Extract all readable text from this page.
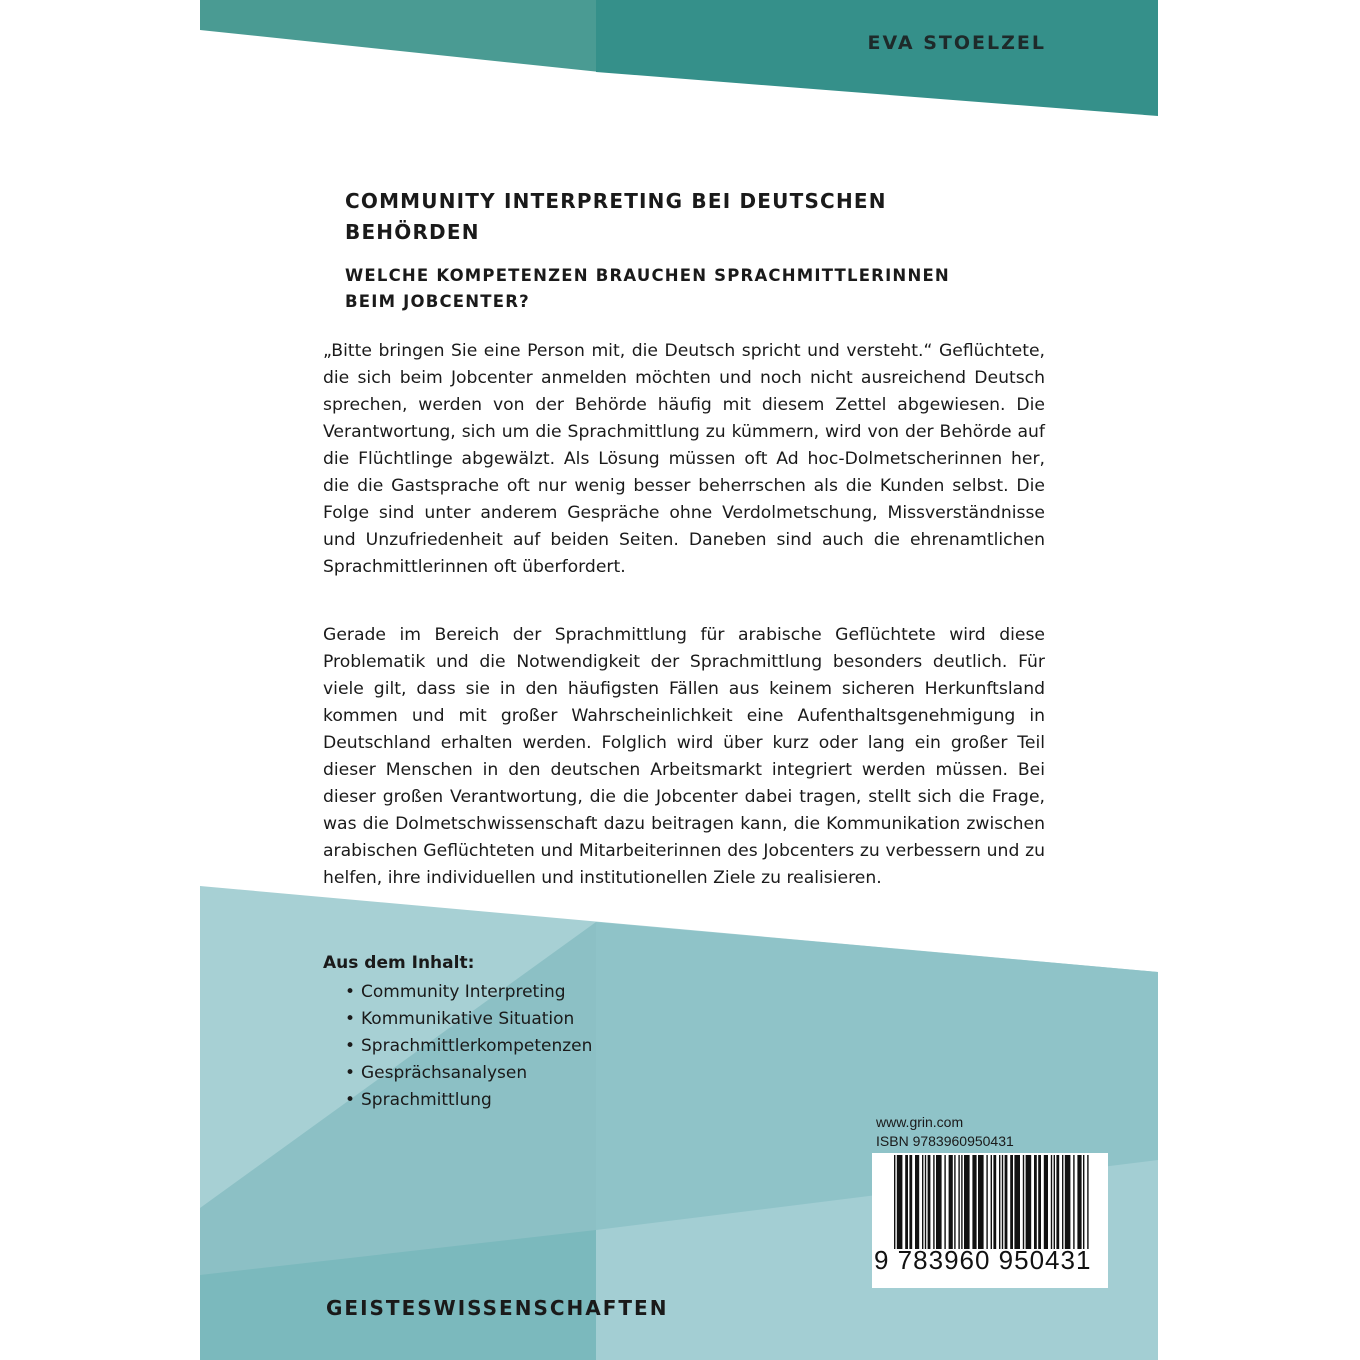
EVA STOELZEL
COMMUNITY INTERPRETING BEI DEUTSCHEN BEHÖRDEN
WELCHE KOMPETENZEN BRAUCHEN SPRACHMITTLERINNEN BEIM JOBCENTER?
„Bitte bringen Sie eine Person mit, die Deutsch spricht und versteht.“ Geflüchtete, die sich beim Jobcenter anmelden möchten und noch nicht ausreichend Deutsch sprechen, werden von der Behörde häufig mit diesem Zettel abgewiesen. Die Verantwortung, sich um die Sprachmittlung zu kümmern, wird von der Behörde auf die Flüchtlinge abgewälzt. Als Lösung müssen oft Ad hoc-Dolmetscherinnen her, die die Gastsprache oft nur wenig besser beherrschen als die Kunden selbst. Die Folge sind unter anderem Gespräche ohne Verdolmetschung, Missverständnisse und Unzufriedenheit auf beiden Seiten. Daneben sind auch die ehrenamtlichen Sprachmittlerinnen oft überfordert.
Gerade im Bereich der Sprachmittlung für arabische Geflüchtete wird diese Problematik und die Notwendigkeit der Sprachmittlung besonders deutlich. Für viele gilt, dass sie in den häufigsten Fällen aus keinem sicheren Herkunftsland kommen und mit großer Wahrscheinlichkeit eine Aufenthaltsgenehmigung in Deutschland erhalten werden. Folglich wird über kurz oder lang ein großer Teil dieser Menschen in den deutschen Arbeitsmarkt integriert werden müssen. Bei dieser großen Verantwortung, die die Jobcenter dabei tragen, stellt sich die Frage, was die Dolmetschwissenschaft dazu beitragen kann, die Kommunikation zwischen arabischen Geflüchteten und Mitarbeiterinnen des Jobcenters zu verbessern und zu helfen, ihre individuellen und institutionellen Ziele zu realisieren.
Aus dem Inhalt:
• Community Interpreting
• Kommunikative Situation
• Sprachmittlerkompetenzen
• Gesprächsanalysen
• Sprachmittlung
www.grin.com
ISBN 9783960950431
9 783960 950431
GEISTESWISSENSCHAFTEN
